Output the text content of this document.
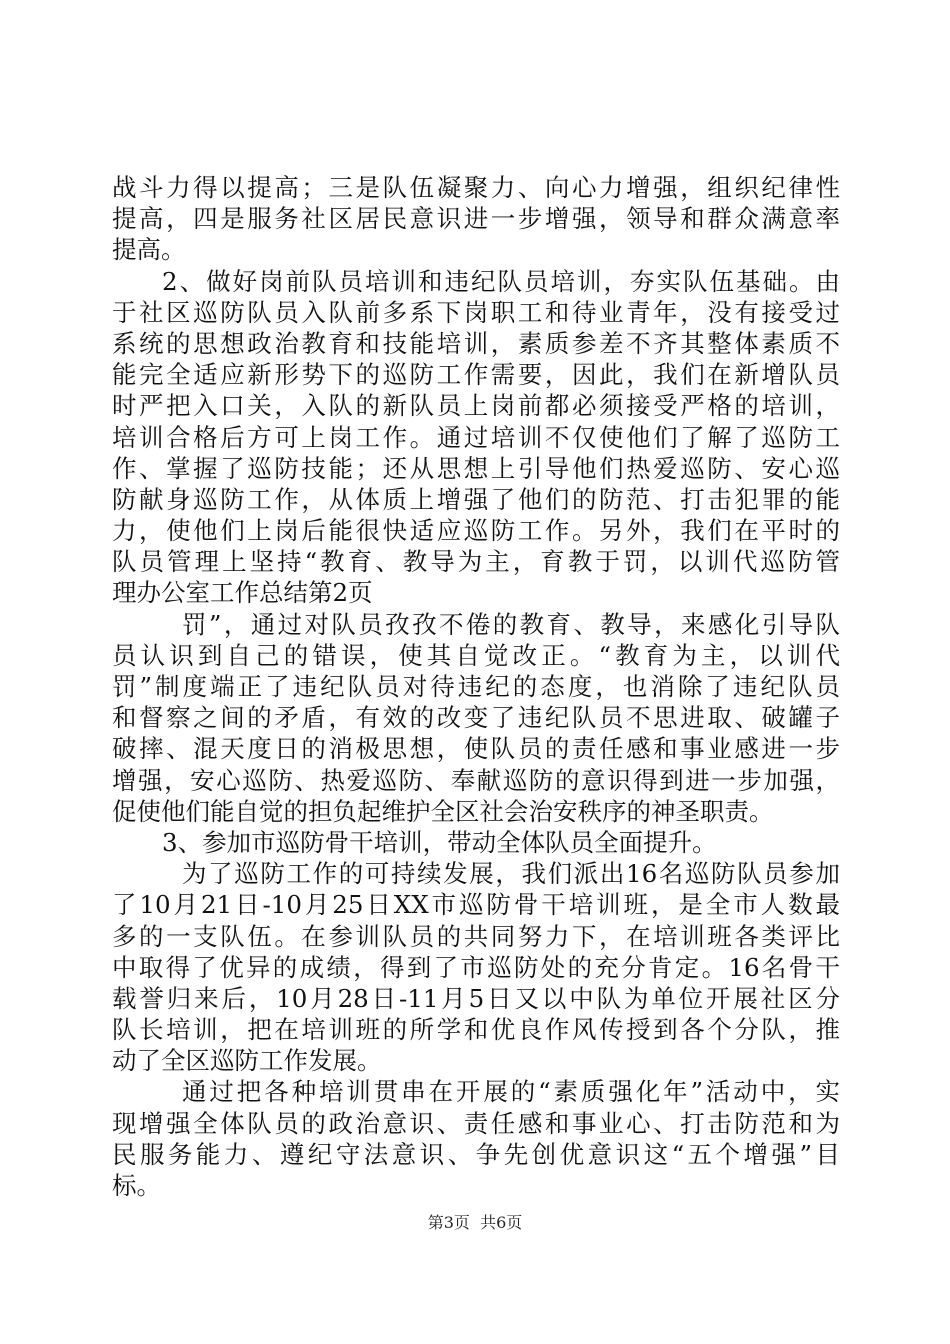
战斗力得以提高；三是队伍凝聚力、向心力增强，组织纪律性
提高，四是服务社区居民意识进一步增强，领导和群众满意率
提高。
2、做好岗前队员培训和违纪队员培训，夯实队伍基础。由
于社区巡防队员入队前多系下岗职工和待业青年，没有接受过
系统的思想政治教育和技能培训，素质参差不齐其整体素质不
能完全适应新形势下的巡防工作需要，因此，我们在新增队员
时严把入口关，入队的新队员上岗前都必须接受严格的培训，
培训合格后方可上岗工作。通过培训不仅使他们了解了巡防工
作、掌握了巡防技能；还从思想上引导他们热爱巡防、安心巡
防献身巡防工作，从体质上增强了他们的防范、打击犯罪的能
力，使他们上岗后能很快适应巡防工作。另外，我们在平时的
队员管理上坚持“教育、教导为主，育教于罚，以训代巡防管
理办公室工作总结第2页
罚”，通过对队员孜孜不倦的教育、教导，来感化引导队
员认识到自己的错误，使其自觉改正。“教育为主，以训代
罚”制度端正了违纪队员对待违纪的态度，也消除了违纪队员
和督察之间的矛盾，有效的改变了违纪队员不思进取、破罐子
破摔、混天度日的消极思想，使队员的责任感和事业感进一步
增强，安心巡防、热爱巡防、奉献巡防的意识得到进一步加强，
促使他们能自觉的担负起维护全区社会治安秩序的神圣职责。
3、参加市巡防骨干培训，带动全体队员全面提升。
为了巡防工作的可持续发展，我们派出16名巡防队员参加
了10月21日-10月25日XX市巡防骨干培训班，是全市人数最
多的一支队伍。在参训队员的共同努力下，在培训班各类评比
中取得了优异的成绩，得到了市巡防处的充分肯定。16名骨干
载誉归来后，10月28日-11月5日又以中队为单位开展社区分
队长培训，把在培训班的所学和优良作风传授到各个分队，推
动了全区巡防工作发展。
通过把各种培训贯串在开展的“素质强化年”活动中，实
现增强全体队员的政治意识、责任感和事业心、打击防范和为
民服务能力、遵纪守法意识、争先创优意识这“五个增强”目
标。
第3页  共6页
